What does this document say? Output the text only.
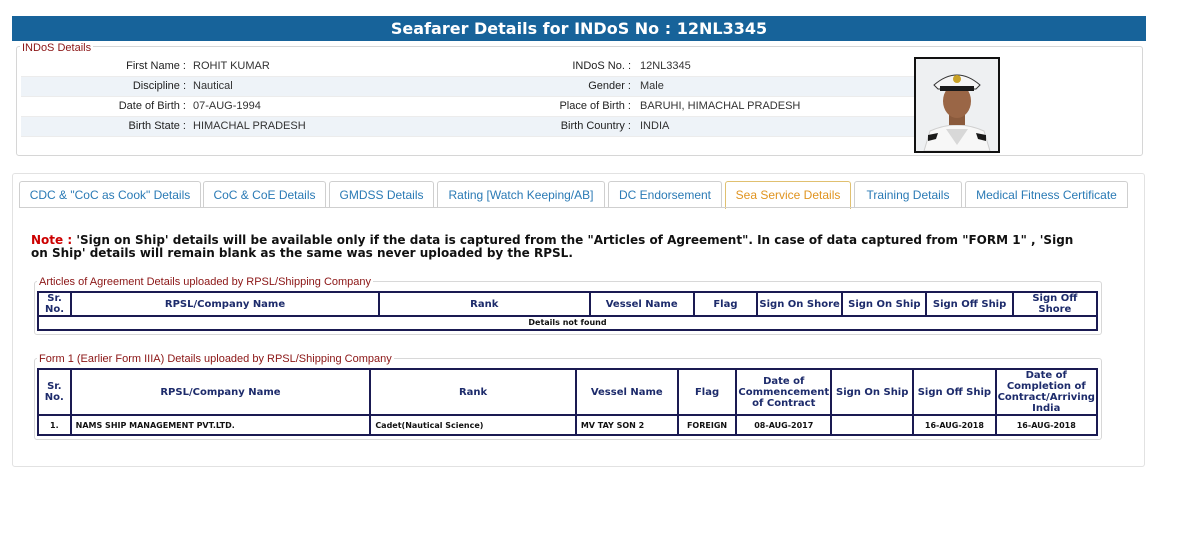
Seafarer Details for INDoS No : 12NL3345
First Name : ROHIT KUMAR	INDoS No. : 12NL3345
Discipline : Nautical	Gender : Male
Date of Birth : 07-AUG-1994	Place of Birth : BARUHI, HIMACHAL PRADESH
Birth State : HIMACHAL PRADESH	Birth Country : INDIA
INDoS Details
CDC & "CoC as Cook" Details	CoC & CoE Details	GMDSS Details	Rating [Watch Keeping/AB]	DC Endorsement	Sea Service Details	Training Details	Medical Fitness Certificate
Note : 'Sign on Ship' details will be available only if the data is captured from the "Articles of Agreement". In case of data captured from "FORM 1" , 'Sign on Ship' details will remain blank as the same was never uploaded by the RPSL.
Articles of Agreement Details uploaded by RPSL/Shipping Company
Sr. No.	RPSL/Company Name	Rank	Vessel Name	Flag	Sign On Shore	Sign On Ship	Sign Off Ship	Sign Off Shore
Details not found
Form 1 (Earlier Form IIIA) Details uploaded by RPSL/Shipping Company
Sr. No.	RPSL/Company Name	Rank	Vessel Name	Flag	Date of Commencement of Contract	Sign On Ship	Sign Off Ship	Date of Completion of Contract/Arriving India
1.	NAMS SHIP MANAGEMENT PVT.LTD.	Cadet(Nautical Science)	MV TAY SON 2	FOREIGN	08-AUG-2017		16-AUG-2018	16-AUG-2018
